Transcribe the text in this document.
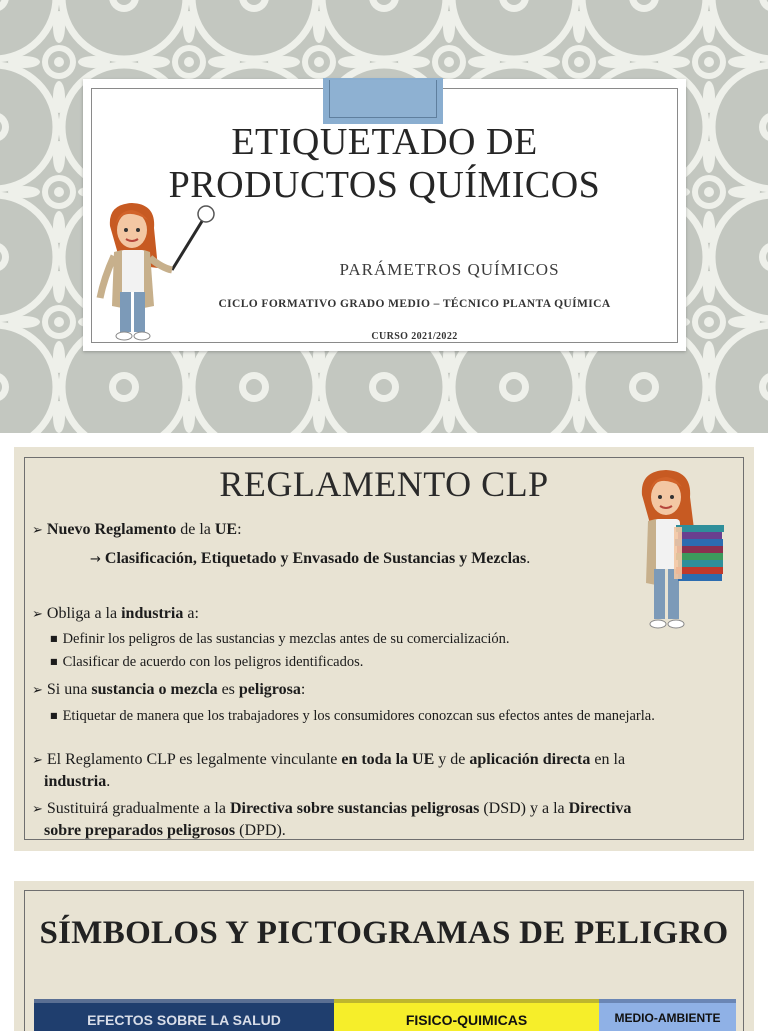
ETIQUETADO DE
PRODUCTOS QUÍMICOS
PARÁMETROS QUÍMICOS
CICLO FORMATIVO GRADO MEDIO – TÉCNICO PLANTA QUÍMICA
CURSO 2021/2022
REGLAMENTO CLP
➢ Nuevo Reglamento de la UE:
→ Clasificación, Etiquetado y Envasado de Sustancias y Mezclas.
➢ Obliga a la industria a:
■ Definir los peligros de las sustancias y mezclas antes de su comercialización.
■ Clasificar de acuerdo con los peligros identificados.
➢ Si una sustancia o mezcla es peligrosa:
■ Etiquetar de manera que los trabajadores y los consumidores conozcan sus efectos antes de manejarla.
➢ El Reglamento CLP es legalmente vinculante en toda la UE y de aplicación directa en la
industria.
➢ Sustituirá gradualmente a la Directiva sobre sustancias peligrosas (DSD) y a la Directiva
sobre preparados peligrosos (DPD).
SÍMBOLOS Y PICTOGRAMAS DE PELIGRO
EFECTOS SOBRE LA SALUD	FISICO-QUIMICAS	MEDIO-AMBIENTE
